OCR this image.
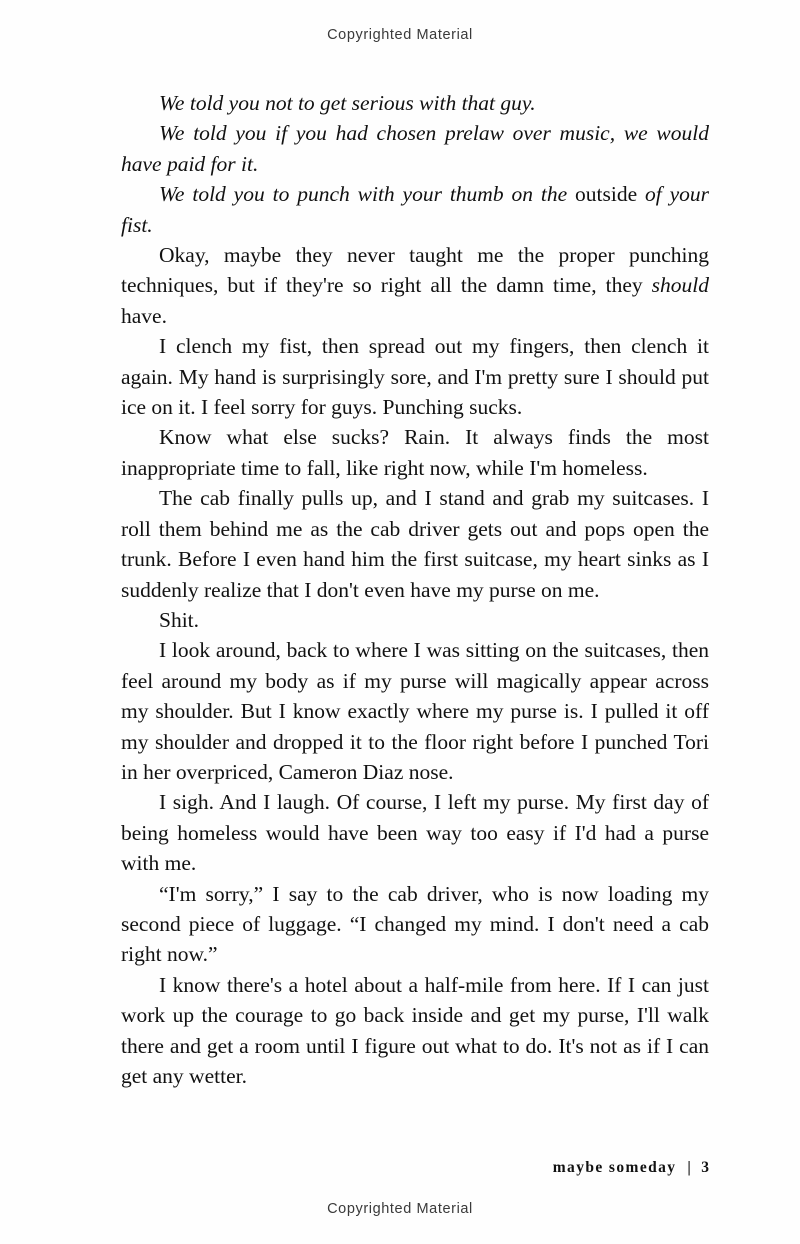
Copyrighted Material

We told you not to get serious with that guy.

We told you if you had chosen prelaw over music, we would have paid for it.

We told you to punch with your thumb on the outside of your fist.

Okay, maybe they never taught me the proper punching techniques, but if they're so right all the damn time, they should have.

I clench my fist, then spread out my fingers, then clench it again. My hand is surprisingly sore, and I'm pretty sure I should put ice on it. I feel sorry for guys. Punching sucks.

Know what else sucks? Rain. It always finds the most inappropriate time to fall, like right now, while I'm homeless.

The cab finally pulls up, and I stand and grab my suitcases. I roll them behind me as the cab driver gets out and pops open the trunk. Before I even hand him the first suitcase, my heart sinks as I suddenly realize that I don't even have my purse on me.

Shit.

I look around, back to where I was sitting on the suitcases, then feel around my body as if my purse will magically appear across my shoulder. But I know exactly where my purse is. I pulled it off my shoulder and dropped it to the floor right before I punched Tori in her overpriced, Cameron Diaz nose.

I sigh. And I laugh. Of course, I left my purse. My first day of being homeless would have been way too easy if I'd had a purse with me.

“I'm sorry,” I say to the cab driver, who is now loading my second piece of luggage. “I changed my mind. I don't need a cab right now.”

I know there's a hotel about a half-mile from here. If I can just work up the courage to go back inside and get my purse, I'll walk there and get a room until I figure out what to do. It's not as if I can get any wetter.

maybe someday | 3
Copyrighted Material
